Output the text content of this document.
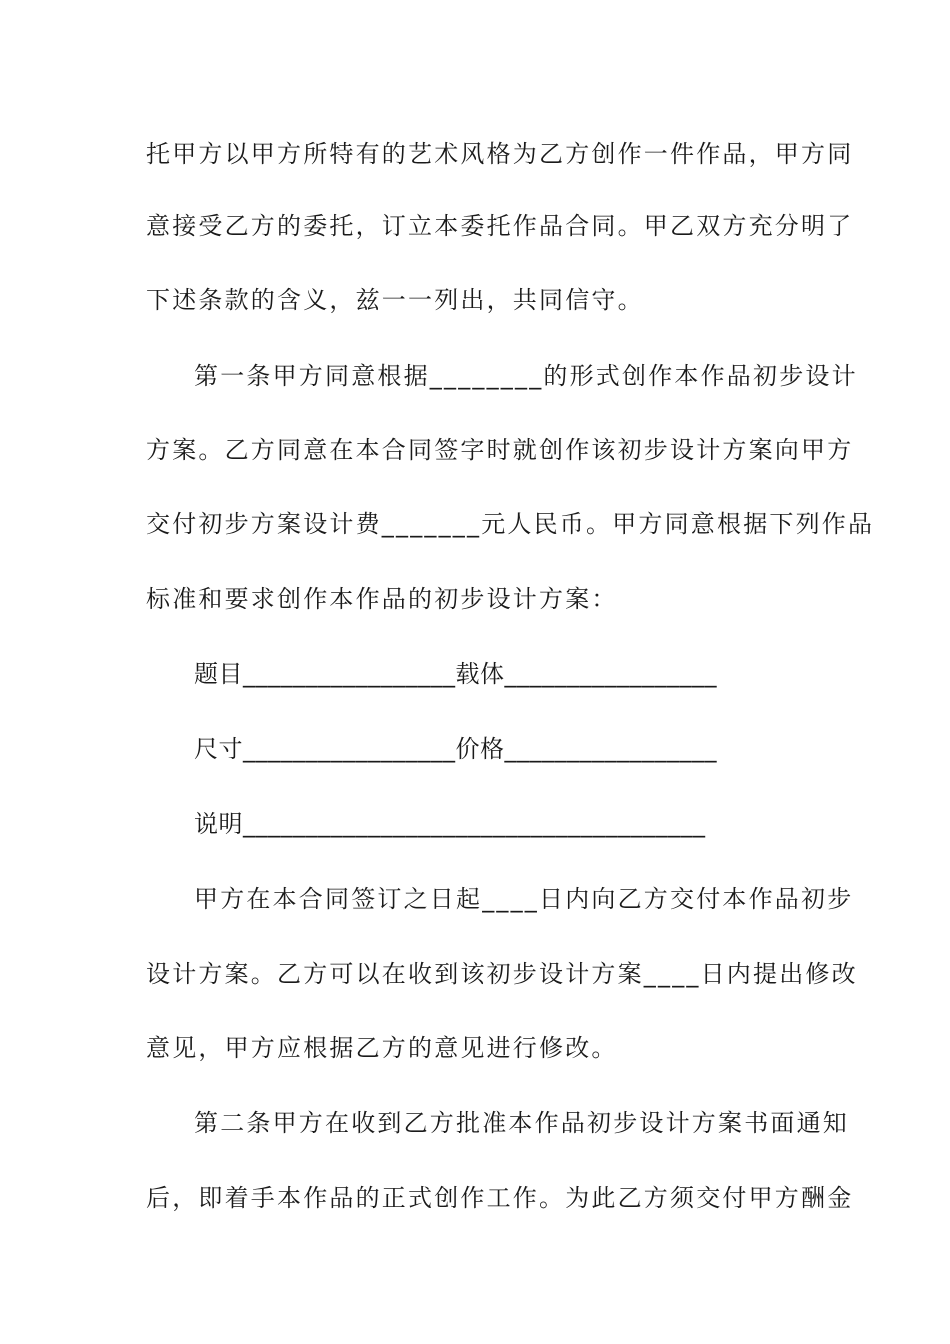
托甲方以甲方所特有的艺术风格为乙方创作一件作品，甲方同
意接受乙方的委托，订立本委托作品合同。甲乙双方充分明了
下述条款的含义，兹一一列出，共同信守。
第一条甲方同意根据________的形式创作本作品初步设计
方案。乙方同意在本合同签字时就创作该初步设计方案向甲方
交付初步方案设计费_______元人民币。甲方同意根据下列作品
标准和要求创作本作品的初步设计方案：
题目_________________载体_________________
尺寸_________________价格_________________
说明_____________________________________
甲方在本合同签订之日起____日内向乙方交付本作品初步
设计方案。乙方可以在收到该初步设计方案____日内提出修改
意见，甲方应根据乙方的意见进行修改。
第二条甲方在收到乙方批准本作品初步设计方案书面通知
后，即着手本作品的正式创作工作。为此乙方须交付甲方酬金
